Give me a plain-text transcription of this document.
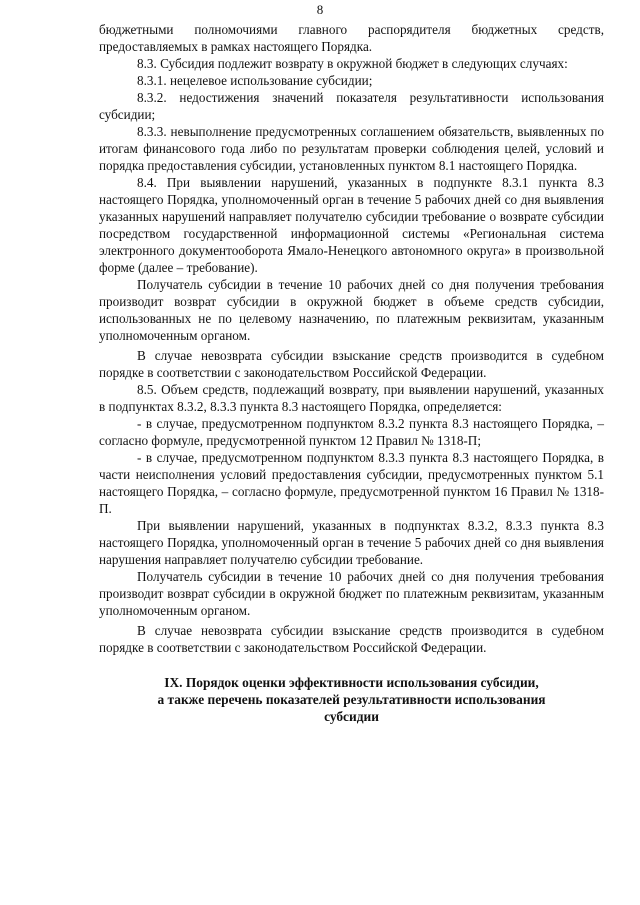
8

бюджетными полномочиями главного распорядителя бюджетных средств, предоставляемых в рамках настоящего Порядка.

8.3. Субсидия подлежит возврату в окружной бюджет в следующих случаях:

8.3.1. нецелевое использование субсидии;

8.3.2. недостижения значений показателя результативности использования субсидии;

8.3.3. невыполнение предусмотренных соглашением обязательств, выявленных по итогам финансового года либо по результатам проверки соблюдения целей, условий и порядка предоставления субсидии, установленных пунктом 8.1 настоящего Порядка.

8.4. При выявлении нарушений, указанных в подпункте 8.3.1 пункта 8.3 настоящего Порядка, уполномоченный орган в течение 5 рабочих дней со дня выявления указанных нарушений направляет получателю субсидии требование о возврате субсидии посредством государственной информационной системы «Региональная система электронного документооборота Ямало-Ненецкого автономного округа» в произвольной форме (далее – требование).

Получатель субсидии в течение 10 рабочих дней со дня получения требования производит возврат субсидии в окружной бюджет в объеме средств субсидии, использованных не по целевому назначению, по платежным реквизитам, указанным уполномоченным органом.

В случае невозврата субсидии взыскание средств производится в судебном порядке в соответствии с законодательством Российской Федерации.

8.5. Объем средств, подлежащий возврату, при выявлении нарушений, указанных в подпунктах 8.3.2, 8.3.3 пункта 8.3 настоящего Порядка, определяется:

- в случае, предусмотренном подпунктом 8.3.2 пункта 8.3 настоящего Порядка, – согласно формуле, предусмотренной пунктом 12 Правил № 1318-П;

- в случае, предусмотренном подпунктом 8.3.3 пункта 8.3 настоящего Порядка, в части неисполнения условий предоставления субсидии, предусмотренных пунктом 5.1 настоящего Порядка, – согласно формуле, предусмотренной пунктом 16 Правил № 1318-П.

При выявлении нарушений, указанных в подпунктах 8.3.2, 8.3.3 пункта 8.3 настоящего Порядка, уполномоченный орган в течение 5 рабочих дней со дня выявления нарушения направляет получателю субсидии требование.

Получатель субсидии в течение 10 рабочих дней со дня получения требования производит возврат субсидии в окружной бюджет по платежным реквизитам, указанным уполномоченным органом.

В случае невозврата субсидии взыскание средств производится в судебном порядке в соответствии с законодательством Российской Федерации.

IX. Порядок оценки эффективности использования субсидии,
а также перечень показателей результативности использования
субсидии
